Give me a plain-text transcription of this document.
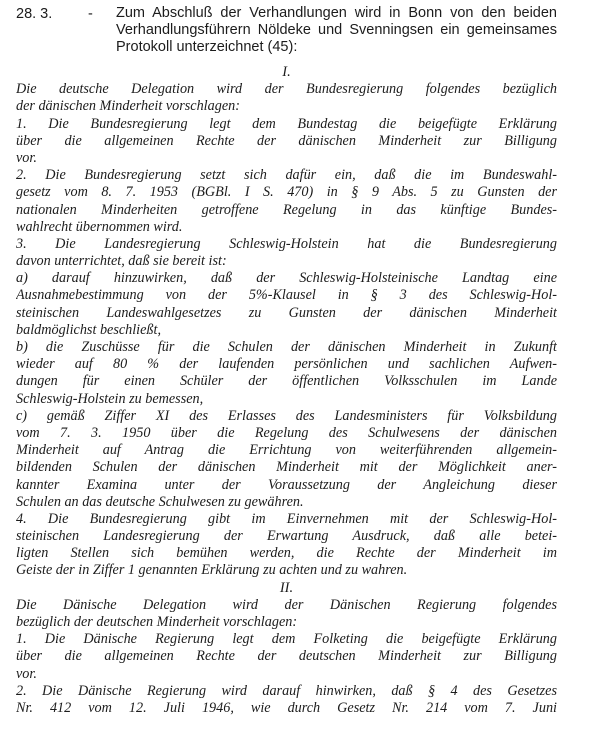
28. 3. - Zum Abschluß der Verhandlungen wird in Bonn von den beiden Verhandlungsführern Nöldeke und Svenningsen ein gemeinsames Protokoll unterzeichnet (45):
I.
Die deutsche Delegation wird der Bundesregierung folgendes bezüglich
der dänischen Minderheit vorschlagen:
1. Die Bundesregierung legt dem Bundestag die beigefügte Erklärung
über die allgemeinen Rechte der dänischen Minderheit zur Billigung
vor.
2. Die Bundesregierung setzt sich dafür ein, daß die im Bundeswahl-
gesetz vom 8. 7. 1953 (BGBl. I S. 470) in § 9 Abs. 5 zu Gunsten der
nationalen Minderheiten getroffene Regelung in das künftige Bundes-
wahlrecht übernommen wird.
3. Die Landesregierung Schleswig-Holstein hat die Bundesregierung
davon unterrichtet, daß sie bereit ist:
a) darauf hinzuwirken, daß der Schleswig-Holsteinische Landtag eine
Ausnahmebestimmung von der 5%-Klausel in § 3 des Schleswig-Hol-
steinischen Landeswahlgesetzes zu Gunsten der dänischen Minderheit
baldmöglichst beschließt,
b) die Zuschüsse für die Schulen der dänischen Minderheit in Zukunft
wieder auf 80 % der laufenden persönlichen und sachlichen Aufwen-
dungen für einen Schüler der öffentlichen Volksschulen im Lande
Schleswig-Holstein zu bemessen,
c) gemäß Ziffer XI des Erlasses des Landesministers für Volksbildung
vom 7. 3. 1950 über die Regelung des Schulwesens der dänischen
Minderheit auf Antrag die Errichtung von weiterführenden allgemein-
bildenden Schulen der dänischen Minderheit mit der Möglichkeit aner-
kannter Examina unter der Voraussetzung der Angleichung dieser
Schulen an das deutsche Schulwesen zu gewähren.
4. Die Bundesregierung gibt im Einvernehmen mit der Schleswig-Hol-
steinischen Landesregierung der Erwartung Ausdruck, daß alle betei-
ligten Stellen sich bemühen werden, die Rechte der Minderheit im
Geiste der in Ziffer 1 genannten Erklärung zu achten und zu wahren.
II.
Die Dänische Delegation wird der Dänischen Regierung folgendes
bezüglich der deutschen Minderheit vorschlagen:
1. Die Dänische Regierung legt dem Folketing die beigefügte Erklärung
über die allgemeinen Rechte der deutschen Minderheit zur Billigung
vor.
2. Die Dänische Regierung wird darauf hinwirken, daß § 4 des Gesetzes
Nr. 412 vom 12. Juli 1946, wie durch Gesetz Nr. 214 vom 7. Juni
